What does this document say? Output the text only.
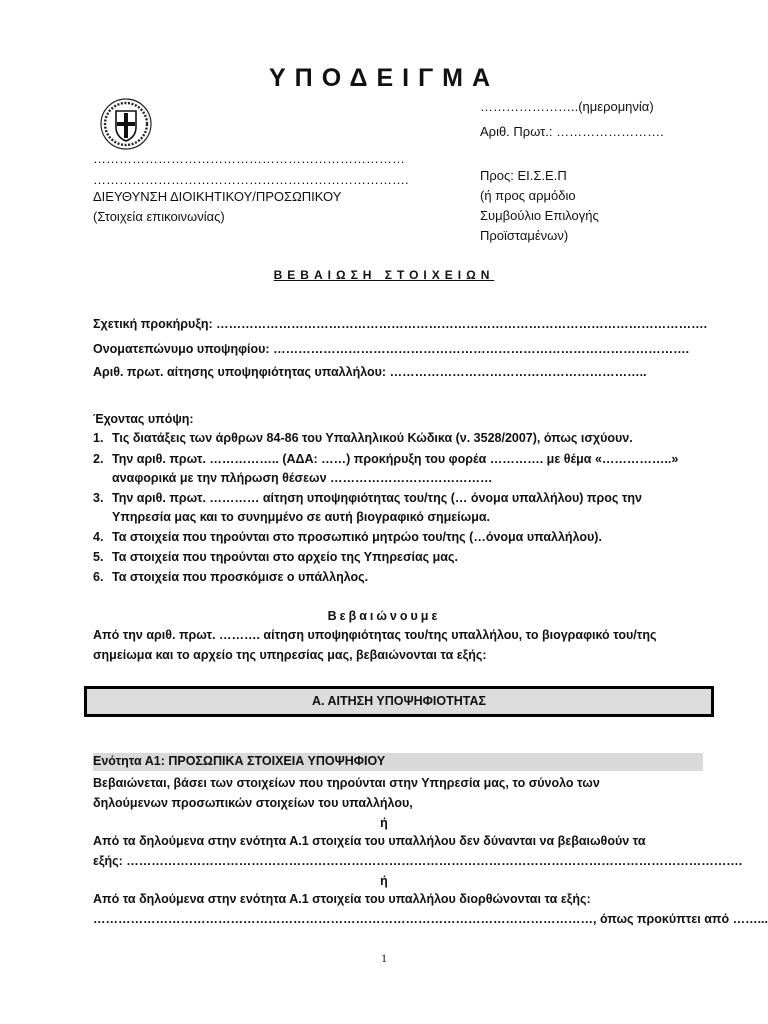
ΥΠΟΔΕΙΓΜΑ
………………………………………………………………
……………………………………………………………….
ΔΙΕΥΘΥΝΣΗ ΔΙΟΙΚΗΤΙΚΟΥ/ΠΡΟΣΩΠΙΚΟΥ
(Στοιχεία επικοινωνίας)
…………………..(ημερομηνία)
Αριθ. Πρωτ.: …………………….
Προς: ΕΙ.Σ.Ε.Π
(ή προς αρμόδιο
Συμβούλιο Επιλογής
Προϊσταμένων)
ΒΕΒΑΙΩΣΗ ΣΤΟΙΧΕΙΩΝ
Σχετική προκήρυξη: ……………………………………………………………………………………………………….
Ονοματεπώνυμο υποψηφίου: ……………………………………………………………………………………….
Αριθ. πρωτ. αίτησης υποψηφιότητας υπαλλήλου: ……………………………………………………..
Έχοντας υπόψη:
1. Τις διατάξεις των άρθρων 84-86 του Υπαλληλικού Κώδικα (ν. 3528/2007), όπως ισχύουν.
2. Την αριθ. πρωτ. …………….. (ΑΔΑ: ……) προκήρυξη του φορέα …………. με θέμα «……………..»
αναφορικά με την πλήρωση θέσεων …………………………………
3. Την αριθ. πρωτ. ………… αίτηση υποψηφιότητας του/της (… όνομα υπαλλήλου) προς την
Υπηρεσία μας και το συνημμένο σε αυτή βιογραφικό σημείωμα.
4. Τα στοιχεία που τηρούνται στο προσωπικό μητρώο του/της (…όνομα υπαλλήλου).
5. Τα στοιχεία που τηρούνται στο αρχείο της Υπηρεσίας μας.
6. Τα στοιχεία που προσκόμισε ο υπάλληλος.
Βεβαιώνουμε
Από την αριθ. πρωτ. ………. αίτηση υποψηφιότητας του/της υπαλλήλου, το βιογραφικό του/της
σημείωμα και το αρχείο της υπηρεσίας μας, βεβαιώνονται τα εξής:
Α. ΑΙΤΗΣΗ ΥΠΟΨΗΦΙΟΤΗΤΑΣ
Ενότητα Α1: ΠΡΟΣΩΠΙΚΑ ΣΤΟΙΧΕΙΑ ΥΠΟΨΗΦΙΟΥ
Βεβαιώνεται, βάσει των στοιχείων που τηρούνται στην Υπηρεσία μας, το σύνολο των
δηλούμενων προσωπικών στοιχείων του υπαλλήλου,
ή
Από τα δηλούμενα στην ενότητα Α.1 στοιχεία του υπαλλήλου δεν δύνανται να βεβαιωθούν τα
εξής: ………………………………………………………………………………………………………………………………….
ή
Από τα δηλούμενα στην ενότητα Α.1 στοιχεία του υπαλλήλου διορθώνονται τα εξής:
…………………………………………………………………………………………………………, όπως προκύπτει από ……...
1
